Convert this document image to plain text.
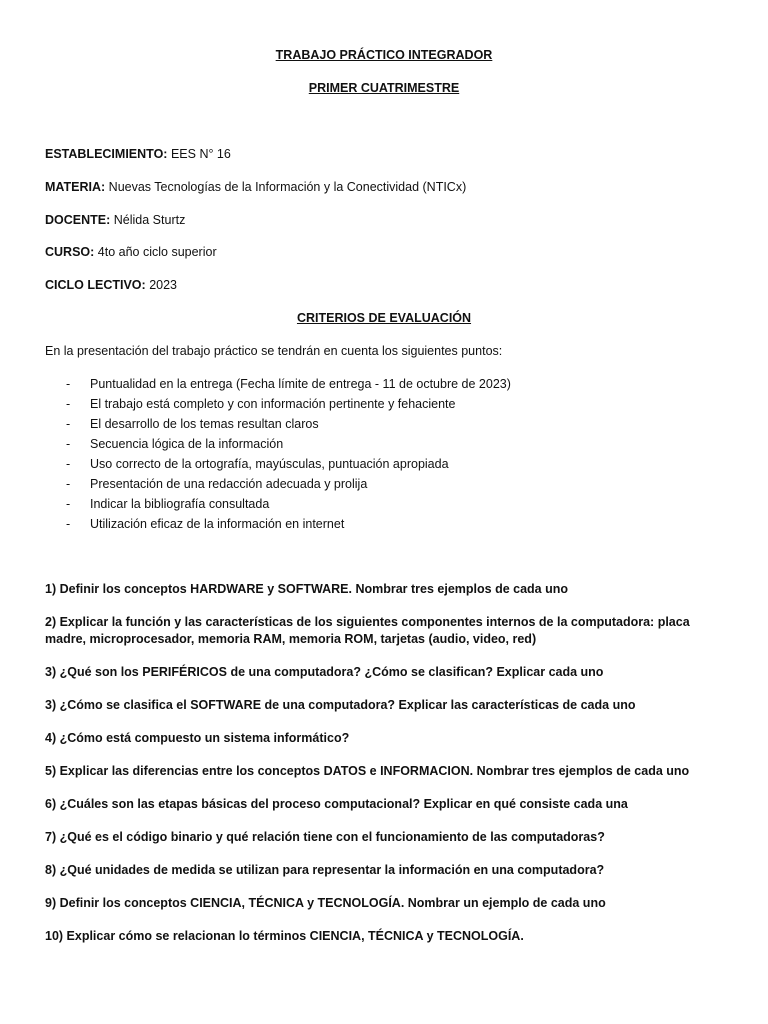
TRABAJO PRÁCTICO INTEGRADOR

PRIMER CUATRIMESTRE

ESTABLECIMIENTO: EES N° 16

MATERIA: Nuevas Tecnologías de la Información y la Conectividad (NTICx)

DOCENTE: Nélida Sturtz

CURSO: 4to año ciclo superior

CICLO LECTIVO: 2023

CRITERIOS DE EVALUACIÓN

En la presentación del trabajo práctico se tendrán en cuenta los siguientes puntos:

- Puntualidad en la entrega (Fecha límite de entrega - 11 de octubre de 2023)
- El trabajo está completo y con información pertinente y fehaciente
- El desarrollo de los temas resultan claros
- Secuencia lógica de la información
- Uso correcto de la ortografía, mayúsculas, puntuación apropiada
- Presentación de una redacción adecuada y prolija
- Indicar la bibliografía consultada
- Utilización eficaz de la información en internet

1) Definir los conceptos HARDWARE y SOFTWARE. Nombrar tres ejemplos de cada uno

2) Explicar la función y las características de los siguientes componentes internos de la computadora: placa madre, microprocesador, memoria RAM, memoria ROM, tarjetas (audio, video, red)

3) ¿Qué son los PERIFÉRICOS de una computadora? ¿Cómo se clasifican? Explicar cada uno

3) ¿Cómo se clasifica el SOFTWARE de una computadora? Explicar las características de cada uno

4) ¿Cómo está compuesto un sistema informático?

5) Explicar las diferencias entre los conceptos DATOS e INFORMACION. Nombrar tres ejemplos de cada uno

6) ¿Cuáles son las etapas básicas del proceso computacional? Explicar en qué consiste cada una

7) ¿Qué es el código binario y qué relación tiene con el funcionamiento de las computadoras?

8) ¿Qué unidades de medida se utilizan para representar la información en una computadora?

9) Definir los conceptos CIENCIA, TÉCNICA y TECNOLOGÍA. Nombrar un ejemplo de cada uno

10) Explicar cómo se relacionan lo términos CIENCIA, TÉCNICA y TECNOLOGÍA.
